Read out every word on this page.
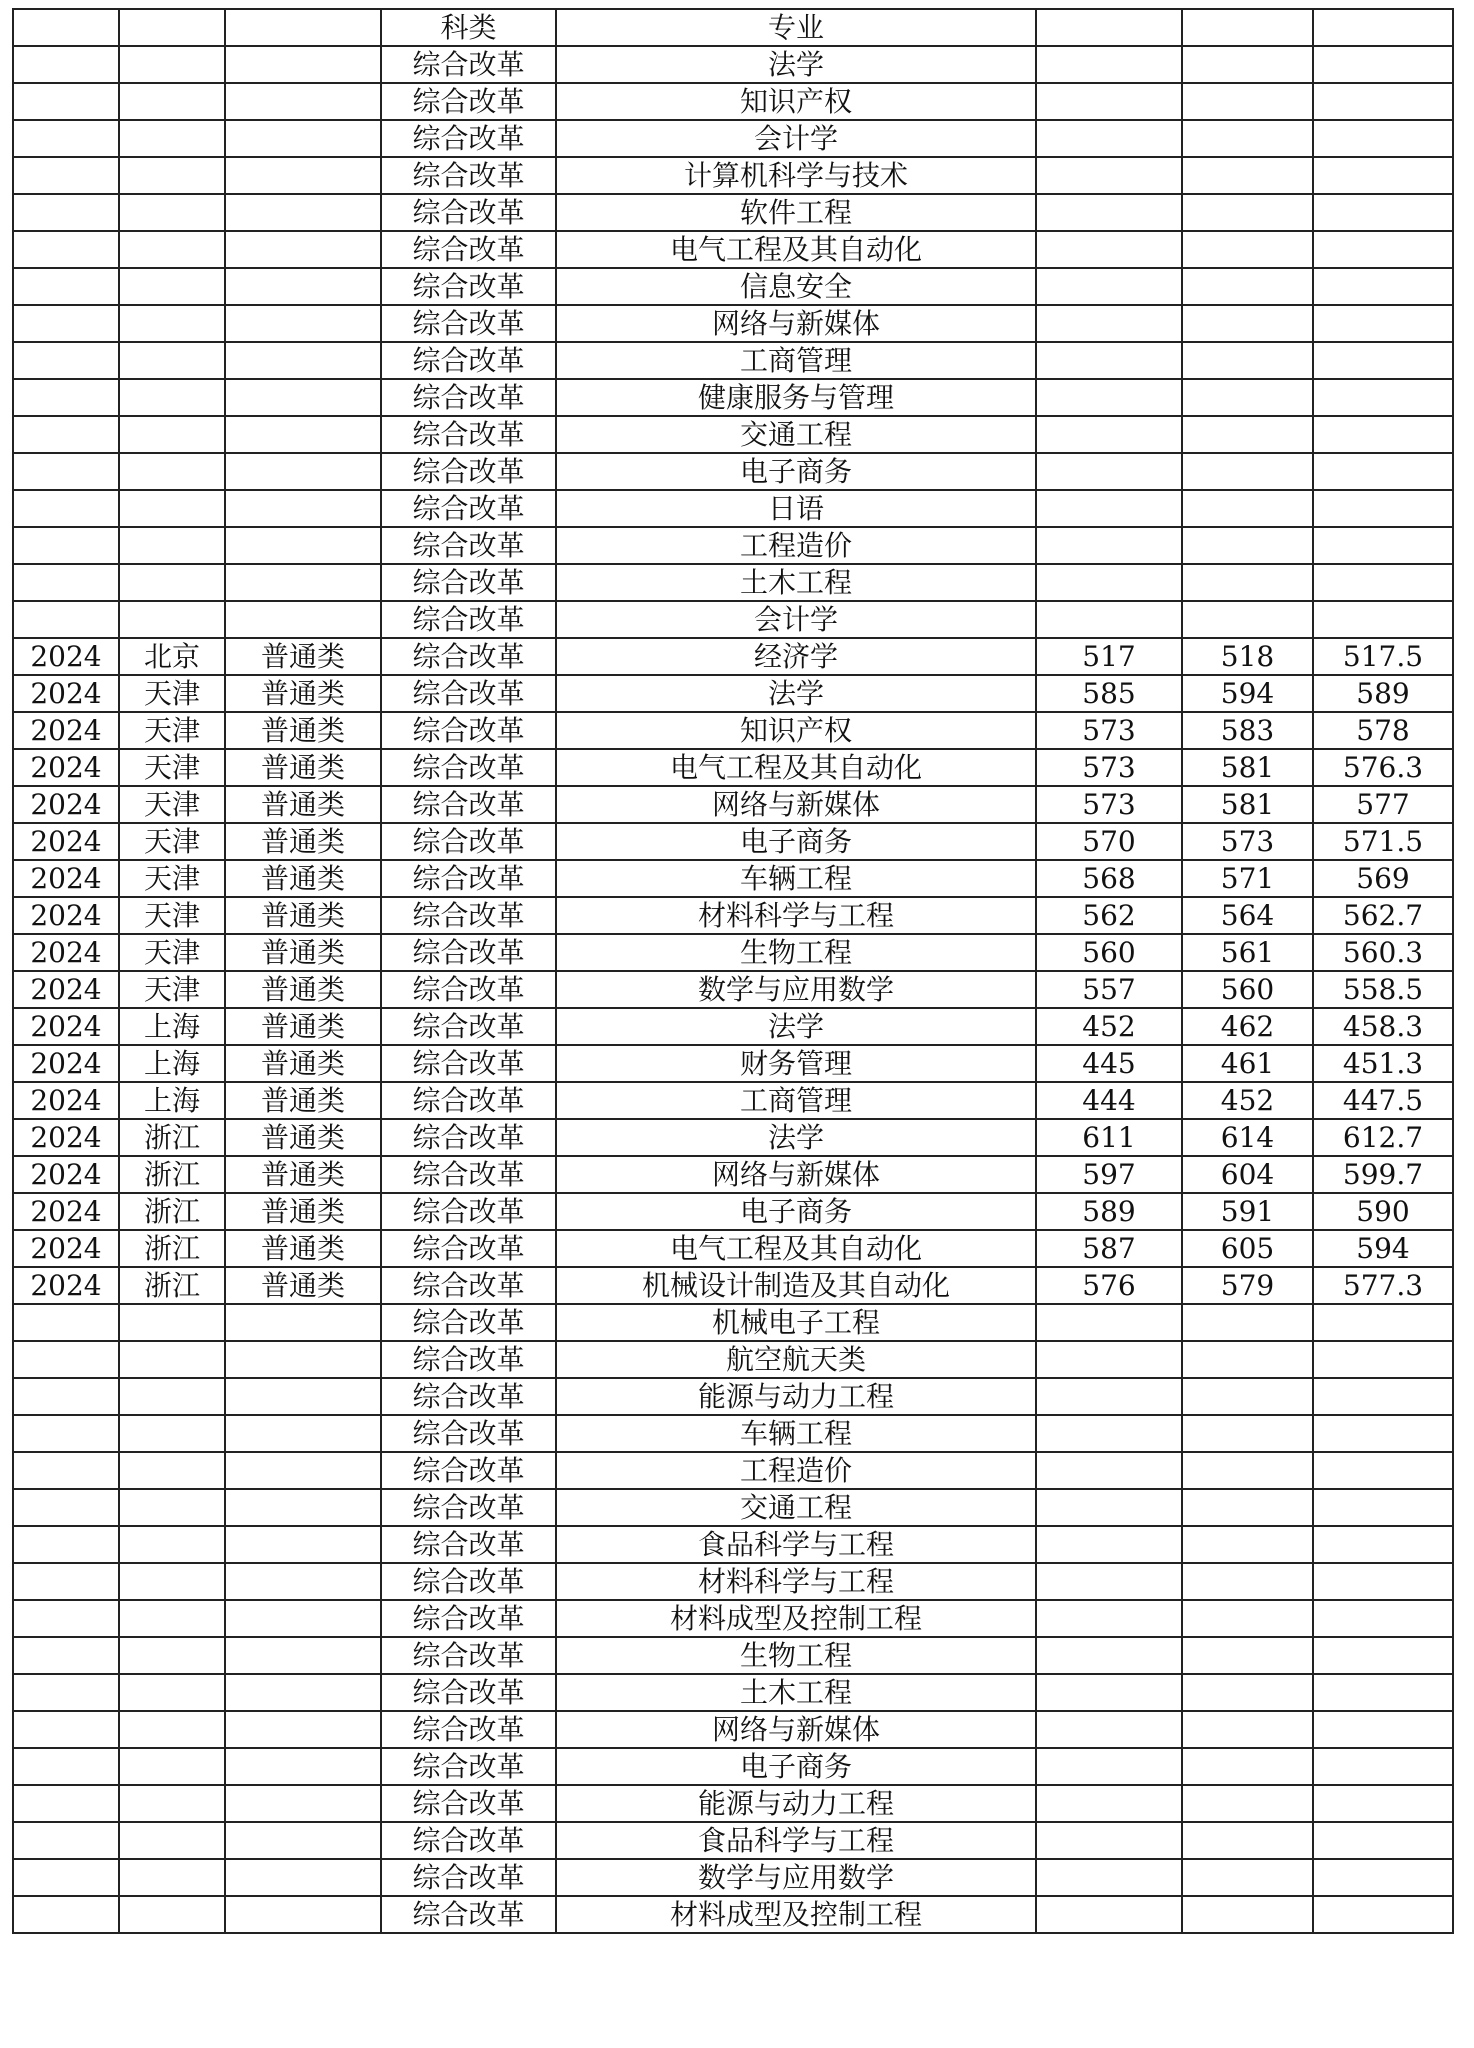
			科类	专业			
			综合改革	法学			
			综合改革	知识产权			
			综合改革	会计学			
			综合改革	计算机科学与技术			
			综合改革	软件工程			
			综合改革	电气工程及其自动化			
			综合改革	信息安全			
			综合改革	网络与新媒体			
			综合改革	工商管理			
			综合改革	健康服务与管理			
			综合改革	交通工程			
			综合改革	电子商务			
			综合改革	日语			
			综合改革	工程造价			
			综合改革	土木工程			
			综合改革	会计学			
2024	北京	普通类	综合改革	经济学	517	518	517.5
2024	天津	普通类	综合改革	法学	585	594	589
2024	天津	普通类	综合改革	知识产权	573	583	578
2024	天津	普通类	综合改革	电气工程及其自动化	573	581	576.3
2024	天津	普通类	综合改革	网络与新媒体	573	581	577
2024	天津	普通类	综合改革	电子商务	570	573	571.5
2024	天津	普通类	综合改革	车辆工程	568	571	569
2024	天津	普通类	综合改革	材料科学与工程	562	564	562.7
2024	天津	普通类	综合改革	生物工程	560	561	560.3
2024	天津	普通类	综合改革	数学与应用数学	557	560	558.5
2024	上海	普通类	综合改革	法学	452	462	458.3
2024	上海	普通类	综合改革	财务管理	445	461	451.3
2024	上海	普通类	综合改革	工商管理	444	452	447.5
2024	浙江	普通类	综合改革	法学	611	614	612.7
2024	浙江	普通类	综合改革	网络与新媒体	597	604	599.7
2024	浙江	普通类	综合改革	电子商务	589	591	590
2024	浙江	普通类	综合改革	电气工程及其自动化	587	605	594
2024	浙江	普通类	综合改革	机械设计制造及其自动化	576	579	577.3
			综合改革	机械电子工程			
			综合改革	航空航天类			
			综合改革	能源与动力工程			
			综合改革	车辆工程			
			综合改革	工程造价			
			综合改革	交通工程			
			综合改革	食品科学与工程			
			综合改革	材料科学与工程			
			综合改革	材料成型及控制工程			
			综合改革	生物工程			
			综合改革	土木工程			
			综合改革	网络与新媒体			
			综合改革	电子商务			
			综合改革	能源与动力工程			
			综合改革	食品科学与工程			
			综合改革	数学与应用数学			
			综合改革	材料成型及控制工程			
